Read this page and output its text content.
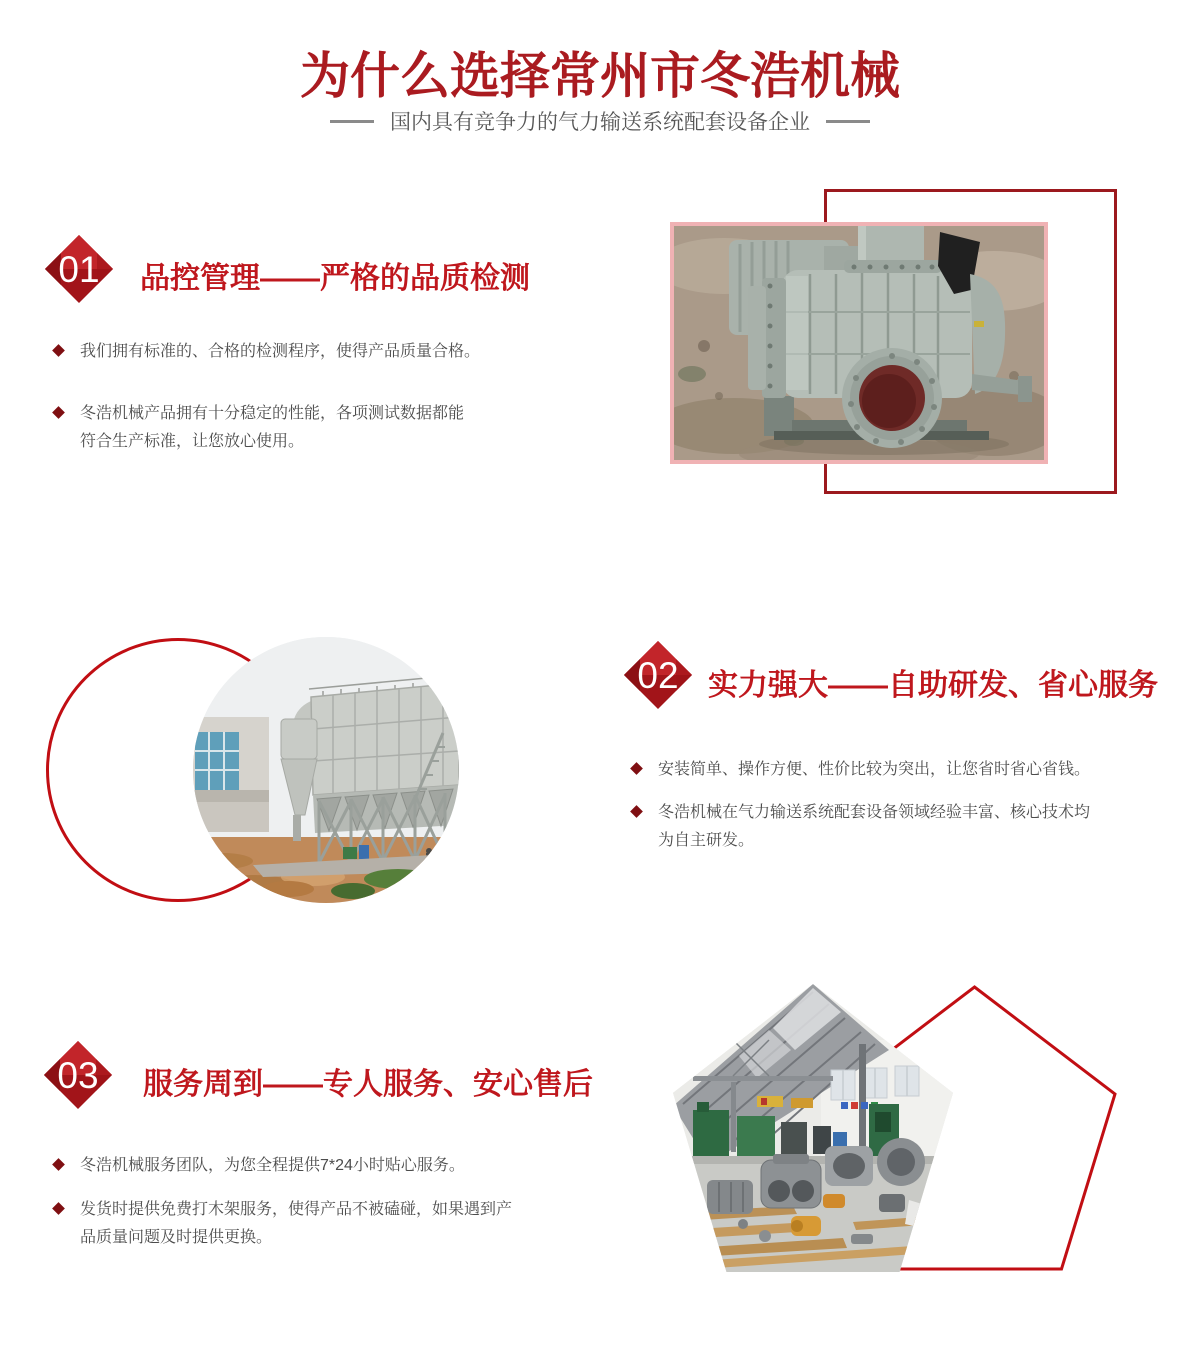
为什么选择常州市冬浩机械
国内具有竞争力的气力输送系统配套设备企业
01 品控管理——严格的品质检测

我们拥有标准的、合格的检测程序，使得产品质量合格。

冬浩机械产品拥有十分稳定的性能，各项测试数据都能符合生产标准，让您放心使用。

02 实力强大——自助研发、省心服务

安装简单、操作方便、性价比较为突出，让您省时省心省钱。

冬浩机械在气力输送系统配套设备领域经验丰富、核心技术均为自主研发。

03 服务周到——专人服务、安心售后

冬浩机械服务团队，为您全程提供7*24小时贴心服务。

发货时提供免费打木架服务，使得产品不被磕碰，如果遇到产品质量问题及时提供更换。
